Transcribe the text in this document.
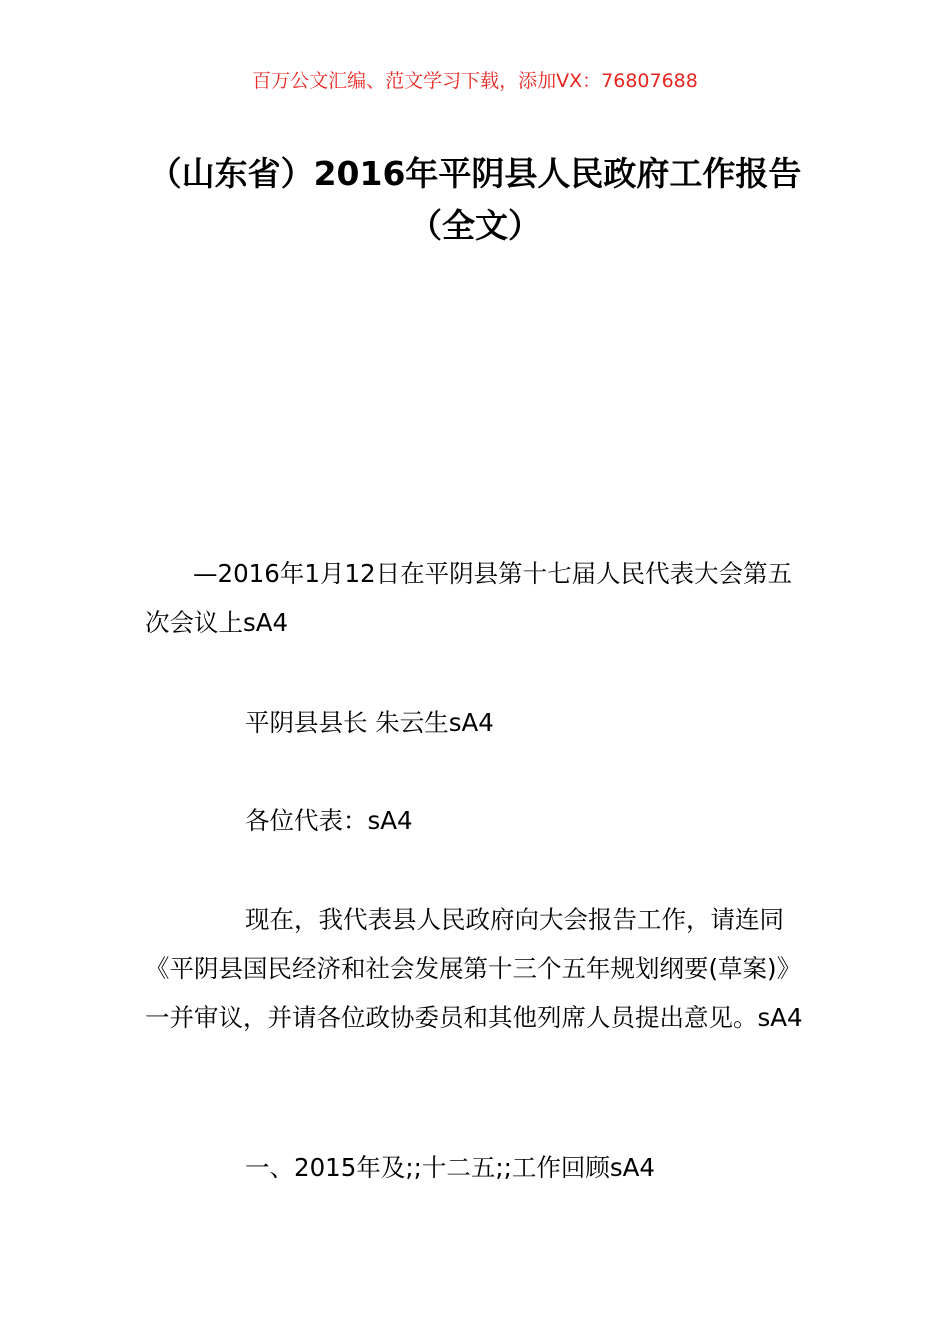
百万公文汇编、范文学习下载，添加VX：76807688
（山东省）2016年平阴县人民政府工作报告（全文）
—2016年1月12日在平阴县第十七届人民代表大会第五次会议上sA4
平阴县县长 朱云生sA4
各位代表：sA4
现在，我代表县人民政府向大会报告工作，请连同《平阴县国民经济和社会发展第十三个五年规划纲要(草案)》一并审议，并请各位政协委员和其他列席人员提出意见。sA4
一、2015年及;;十二五;;工作回顾sA4
